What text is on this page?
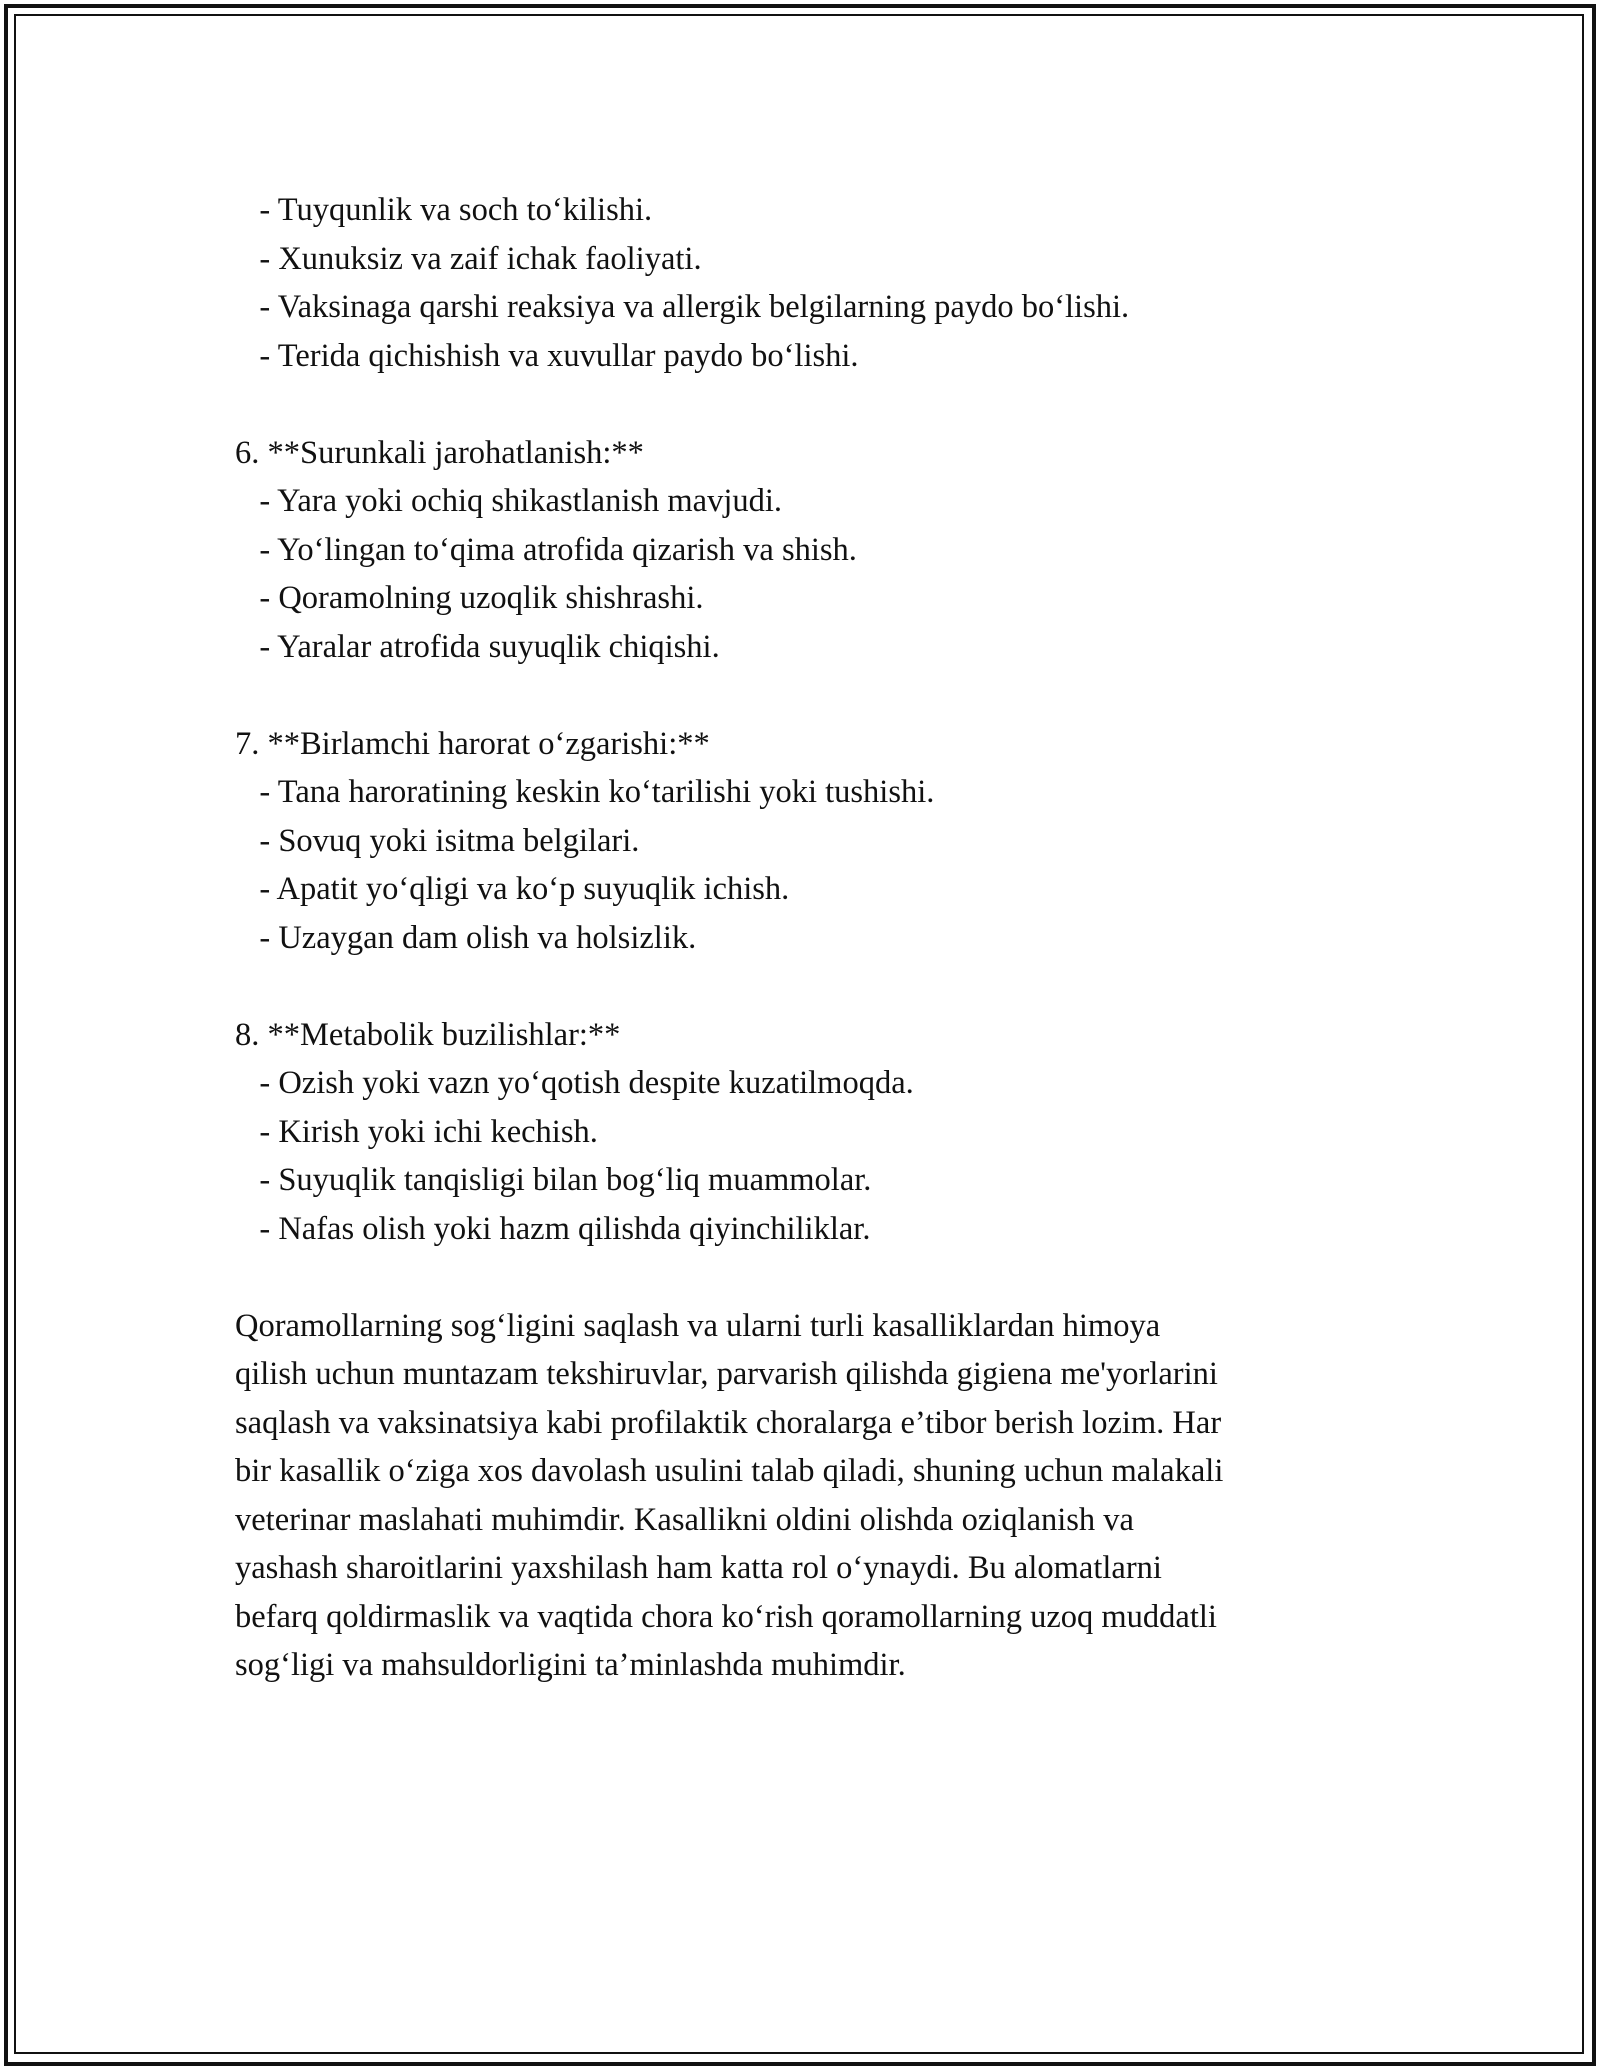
- Tuyqunlik va soch to‘kilishi.
- Xunuksiz va zaif ichak faoliyati.
- Vaksinaga qarshi reaksiya va allergik belgilarning paydo bo‘lishi.
- Terida qichishish va xuvullar paydo bo‘lishi.
6. **Surunkali jarohatlanish:**
- Yara yoki ochiq shikastlanish mavjudi.
- Yo‘lingan to‘qima atrofida qizarish va shish.
- Qoramolning uzoqlik shishrashi.
- Yaralar atrofida suyuqlik chiqishi.
7. **Birlamchi harorat o‘zgarishi:**
- Tana haroratining keskin ko‘tarilishi yoki tushishi.
- Sovuq yoki isitma belgilari.
- Apatit yo‘qligi va ko‘p suyuqlik ichish.
- Uzaygan dam olish va holsizlik.
8. **Metabolik buzilishlar:**
- Ozish yoki vazn yo‘qotish despite kuzatilmoqda.
- Kirish yoki ichi kechish.
- Suyuqlik tanqisligi bilan bog‘liq muammolar.
- Nafas olish yoki hazm qilishda qiyinchiliklar.
Qoramollarning sog‘ligini saqlash va ularni turli kasalliklardan himoya
qilish uchun muntazam tekshiruvlar, parvarish qilishda gigiena me'yorlarini
saqlash va vaksinatsiya kabi profilaktik choralarga e’tibor berish lozim. Har
bir kasallik o‘ziga xos davolash usulini talab qiladi, shuning uchun malakali
veterinar maslahati muhimdir. Kasallikni oldini olishda oziqlanish va
yashash sharoitlarini yaxshilash ham katta rol o‘ynaydi. Bu alomatlarni
befarq qoldirmaslik va vaqtida chora ko‘rish qoramollarning uzoq muddatli
sog‘ligi va mahsuldorligini ta’minlashda muhimdir.
